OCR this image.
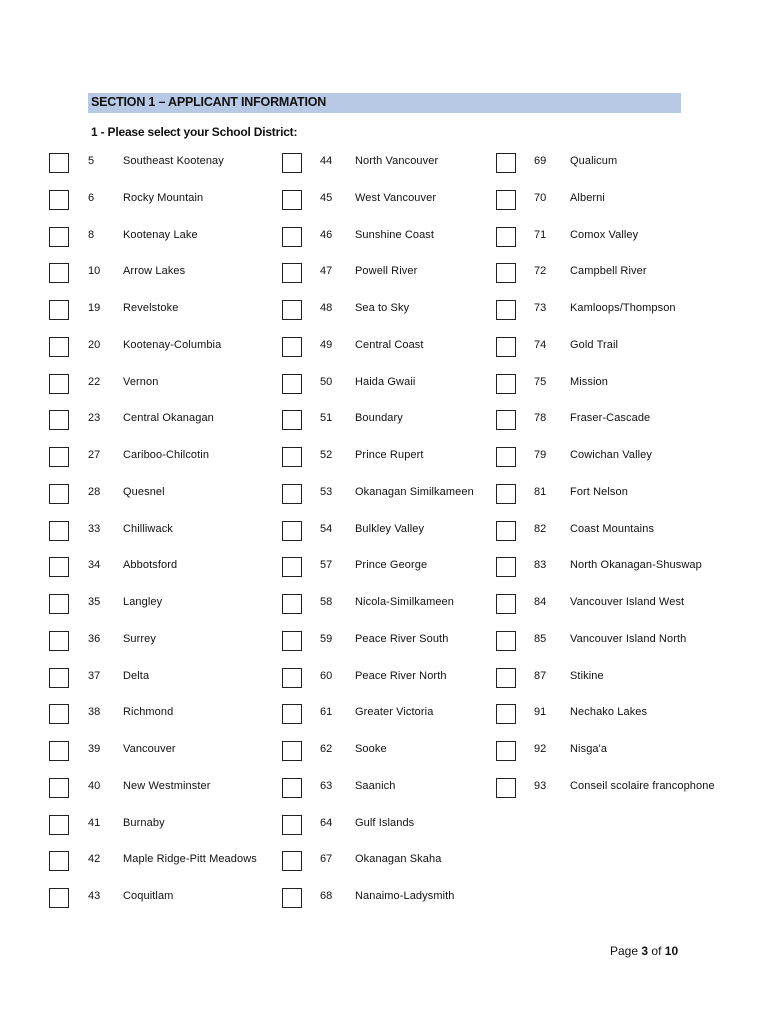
SECTION 1 – APPLICANT INFORMATION
1 - Please select your School District:
5	Southeast Kootenay
6	Rocky Mountain
8	Kootenay Lake
10 Arrow Lakes
19 Revelstoke
20 Kootenay-Columbia
22 Vernon
23 Central Okanagan
27 Cariboo-Chilcotin
28 Quesnel
33 Chilliwack
34 Abbotsford
35 Langley
36 Surrey
37 Delta
38 Richmond
39 Vancouver
40 New Westminster
41 Burnaby
42 Maple Ridge-Pitt Meadows
43 Coquitlam
44 North Vancouver
45 West Vancouver
46 Sunshine Coast
47 Powell River
48 Sea to Sky
49 Central Coast
50 Haida Gwaii
51 Boundary
52 Prince Rupert
53 Okanagan Similkameen
54 Bulkley Valley
57 Prince George
58 Nicola-Similkameen
59 Peace River South
60 Peace River North
61 Greater Victoria
62 Sooke
63 Saanich
64 Gulf Islands
67 Okanagan Skaha
68 Nanaimo-Ladysmith
69 Qualicum
70 Alberni
71 Comox Valley
72 Campbell River
73 Kamloops/Thompson
74 Gold Trail
75 Mission
78 Fraser-Cascade
79 Cowichan Valley
81 Fort Nelson
82 Coast Mountains
83 North Okanagan-Shuswap
84 Vancouver Island West
85 Vancouver Island North
87 Stikine
91 Nechako Lakes
92 Nisga'a
93 Conseil scolaire francophone
Page 3 of 10
